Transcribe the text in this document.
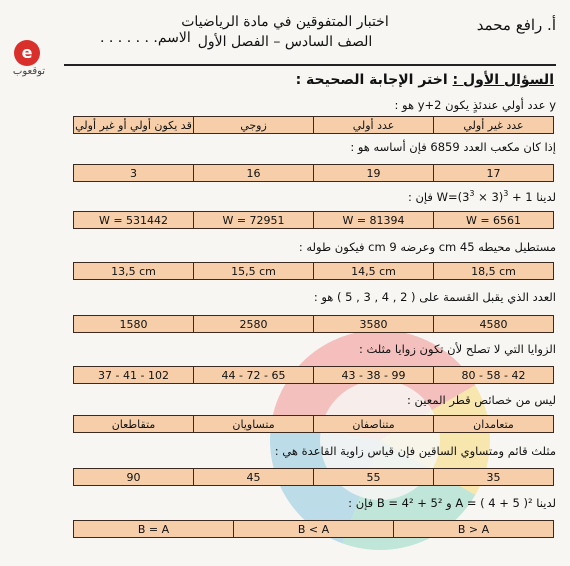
أ. رافع محمد
اختبار المتفوقين في مادة الرياضيات
الصف السادس – الفصل الأول
الاسم. . . . . . .
e
توقعوب
السؤال الأول : اختر الإجابة الصحيحة :
y عدد أولي عندئذٍ يكون y+2 هو :
عدد غير أولي
عدد أولي
زوجي
قد يكون أولي أو غير أولي
إذا كان مكعب العدد 6859 فإن أساسه هو :
17
19
16
3
لدينا $1 + W=(3^3 \times 3)^3$ فإن :
W = 6561
W = 81394
W = 72951
W = 531442
مستطيل محيطه 45 cm وعرضه 9 cm فيكون طوله :
18,5 cm
14,5 cm
15,5 cm
13,5 cm
العدد الذي يقبل القسمة على ( 2 , 4 , 3 , 5 ) هو :
4580
3580
2580
1580
الزوايا التي لا تصلح لأن تكون زوايا مثلث :
80 - 58 - 42
43 - 38 - 99
44 - 72 - 65
37 - 41 - 102
ليس من خصائص قطر المعين :
متعامدان
متناصفان
متساويان
متقاطعان
مثلث قائم ومتساوي الساقين فإن قياس زاوية القاعدة هي :
35
55
45
90
لدينا A = ( 4 + 5 )² و B = 4² + 5² فإن :
B > A
B < A
B = A
